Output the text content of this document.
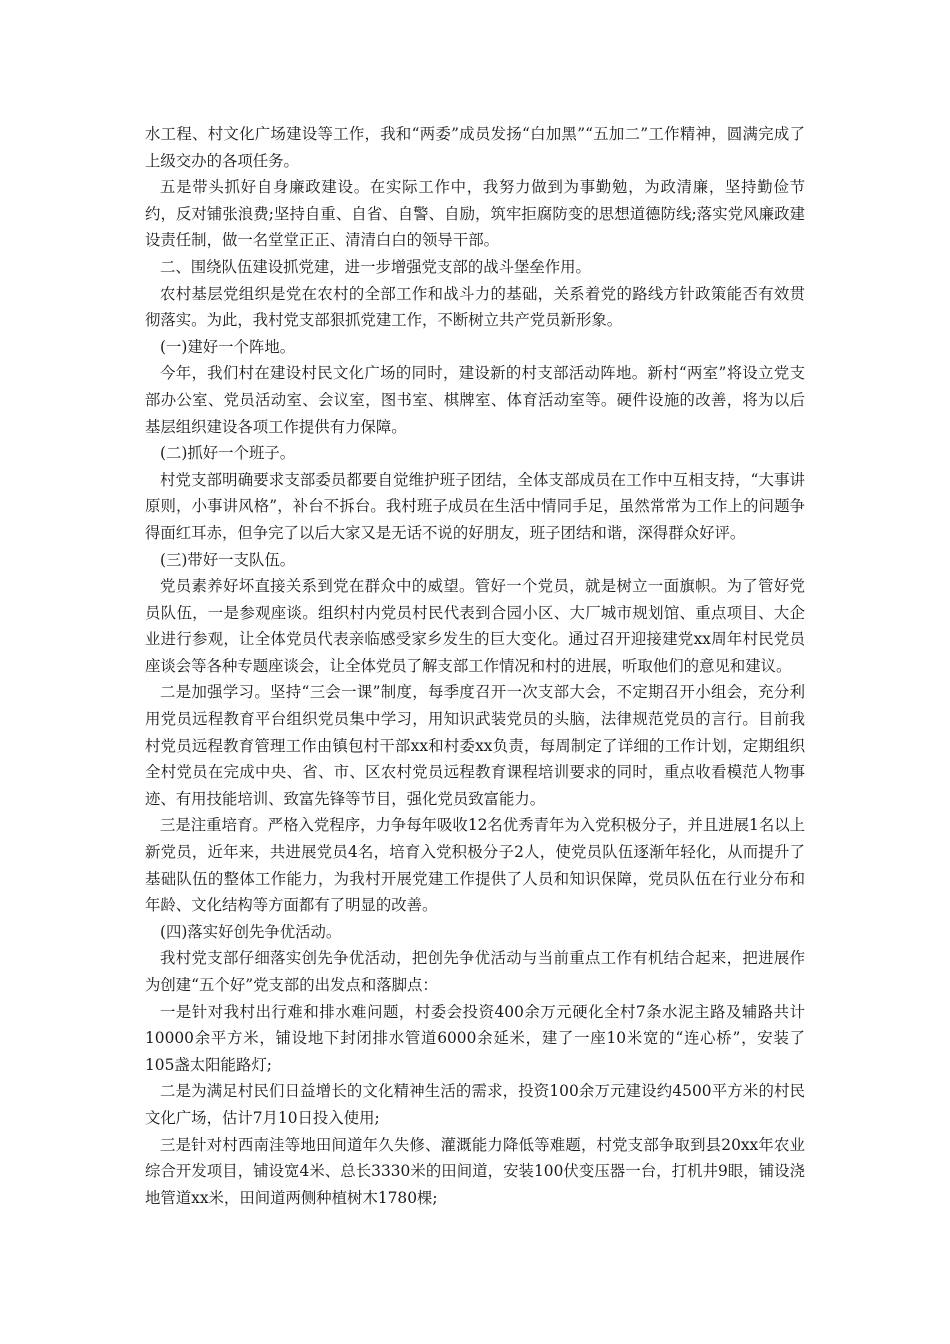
水工程、村文化广场建设等工作，我和“两委”成员发扬“白加黑”“五加二”工作精神，圆满完成了上级交办的各项任务。

五是带头抓好自身廉政建设。在实际工作中，我努力做到为事勤勉，为政清廉，坚持勤俭节约，反对铺张浪费;坚持自重、自省、自警、自励，筑牢拒腐防变的思想道德防线;落实党风廉政建设责任制，做一名堂堂正正、清清白白的领导干部。

二、围绕队伍建设抓党建，进一步增强党支部的战斗堡垒作用。

农村基层党组织是党在农村的全部工作和战斗力的基础，关系着党的路线方针政策能否有效贯彻落实。为此，我村党支部狠抓党建工作，不断树立共产党员新形象。

(一)建好一个阵地。

今年，我们村在建设村民文化广场的同时，建设新的村支部活动阵地。新村“两室”将设立党支部办公室、党员活动室、会议室，图书室、棋牌室、体育活动室等。硬件设施的改善，将为以后基层组织建设各项工作提供有力保障。

(二)抓好一个班子。

村党支部明确要求支部委员都要自觉维护班子团结，全体支部成员在工作中互相支持，“大事讲原则，小事讲风格”，补台不拆台。我村班子成员在生活中情同手足，虽然常常为工作上的问题争得面红耳赤，但争完了以后大家又是无话不说的好朋友，班子团结和谐，深得群众好评。

(三)带好一支队伍。

党员素养好坏直接关系到党在群众中的威望。管好一个党员，就是树立一面旗帜。为了管好党员队伍，一是参观座谈。组织村内党员村民代表到合园小区、大厂城市规划馆、重点项目、大企业进行参观，让全体党员代表亲临感受家乡发生的巨大变化。通过召开迎接建党xx周年村民党员座谈会等各种专题座谈会，让全体党员了解支部工作情况和村的进展，听取他们的意见和建议。

二是加强学习。坚持“三会一课”制度，每季度召开一次支部大会，不定期召开小组会，充分利用党员远程教育平台组织党员集中学习，用知识武装党员的头脑，法律规范党员的言行。目前我村党员远程教育管理工作由镇包村干部xx和村委xx负责，每周制定了详细的工作计划，定期组织全村党员在完成中央、省、市、区农村党员远程教育课程培训要求的同时，重点收看模范人物事迹、有用技能培训、致富先锋等节目，强化党员致富能力。

三是注重培育。严格入党程序，力争每年吸收12名优秀青年为入党积极分子，并且进展1名以上新党员，近年来，共进展党员4名，培育入党积极分子2人，使党员队伍逐渐年轻化，从而提升了基础队伍的整体工作能力，为我村开展党建工作提供了人员和知识保障，党员队伍在行业分布和年龄、文化结构等方面都有了明显的改善。

(四)落实好创先争优活动。

我村党支部仔细落实创先争优活动，把创先争优活动与当前重点工作有机结合起来，把进展作为创建“五个好”党支部的出发点和落脚点：

一是针对我村出行难和排水难问题，村委会投资400余万元硬化全村7条水泥主路及辅路共计10000余平方米，铺设地下封闭排水管道6000余延米，建了一座10米宽的“连心桥”，安装了105盏太阳能路灯;

二是为满足村民们日益增长的文化精神生活的需求，投资100余万元建设约4500平方米的村民文化广场，估计7月10日投入使用;

三是针对村西南洼等地田间道年久失修、灌溉能力降低等难题，村党支部争取到县20xx年农业综合开发项目，铺设宽4米、总长3330米的田间道，安装100伏变压器一台，打机井9眼，铺设浇地管道xx米，田间道两侧种植树木1780棵;
